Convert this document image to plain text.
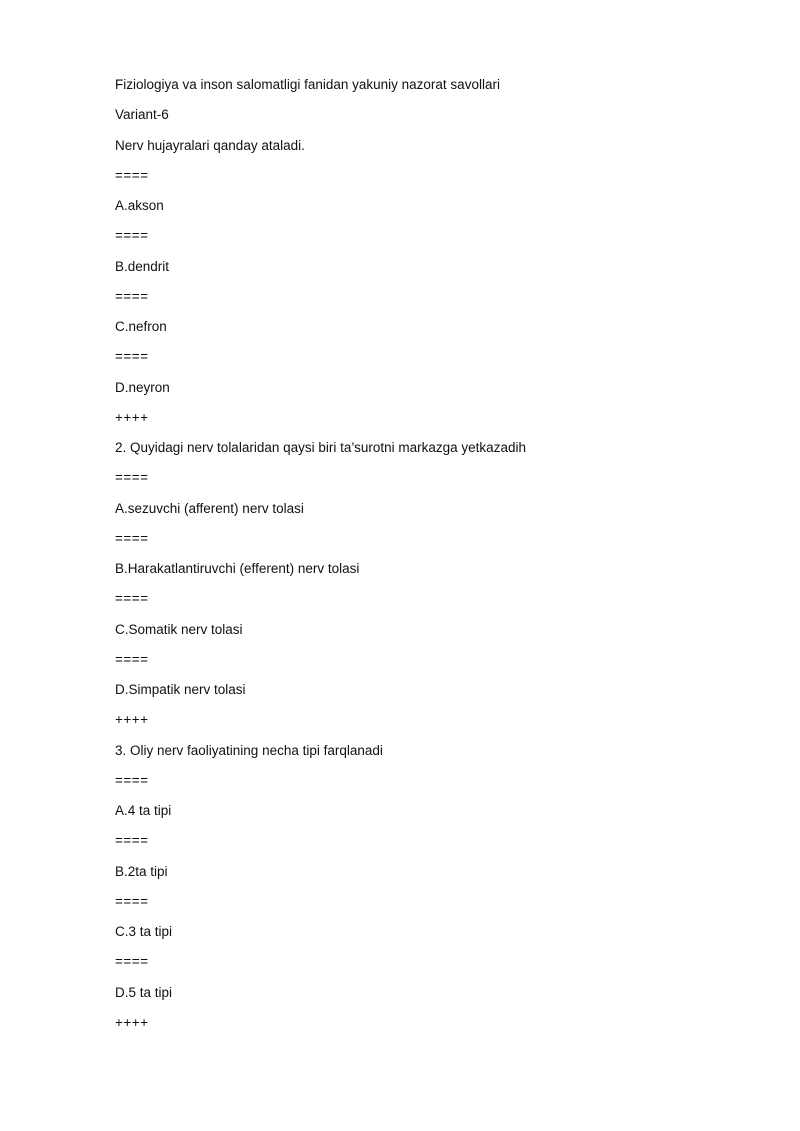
Fiziologiya va inson salomatligi fanidan yakuniy nazorat savollari
Variant-6
Nerv hujayralari qanday ataladi.
====
A.akson
====
B.dendrit
====
C.nefron
====
D.neyron
++++
2. Quyidagi nerv tolalaridan qaysi biri ta’surotni markazga yetkazadih
====
A.sezuvchi (afferent) nerv tolasi
====
B.Harakatlantiruvchi (efferent) nerv tolasi
====
C.Somatik nerv tolasi
====
D.Simpatik nerv tolasi
++++
3. Oliy nerv faoliyatining necha tipi farqlanadi
====
A.4 ta tipi
====
B.2ta tipi
====
C.3 ta tipi
====
D.5 ta tipi
++++
